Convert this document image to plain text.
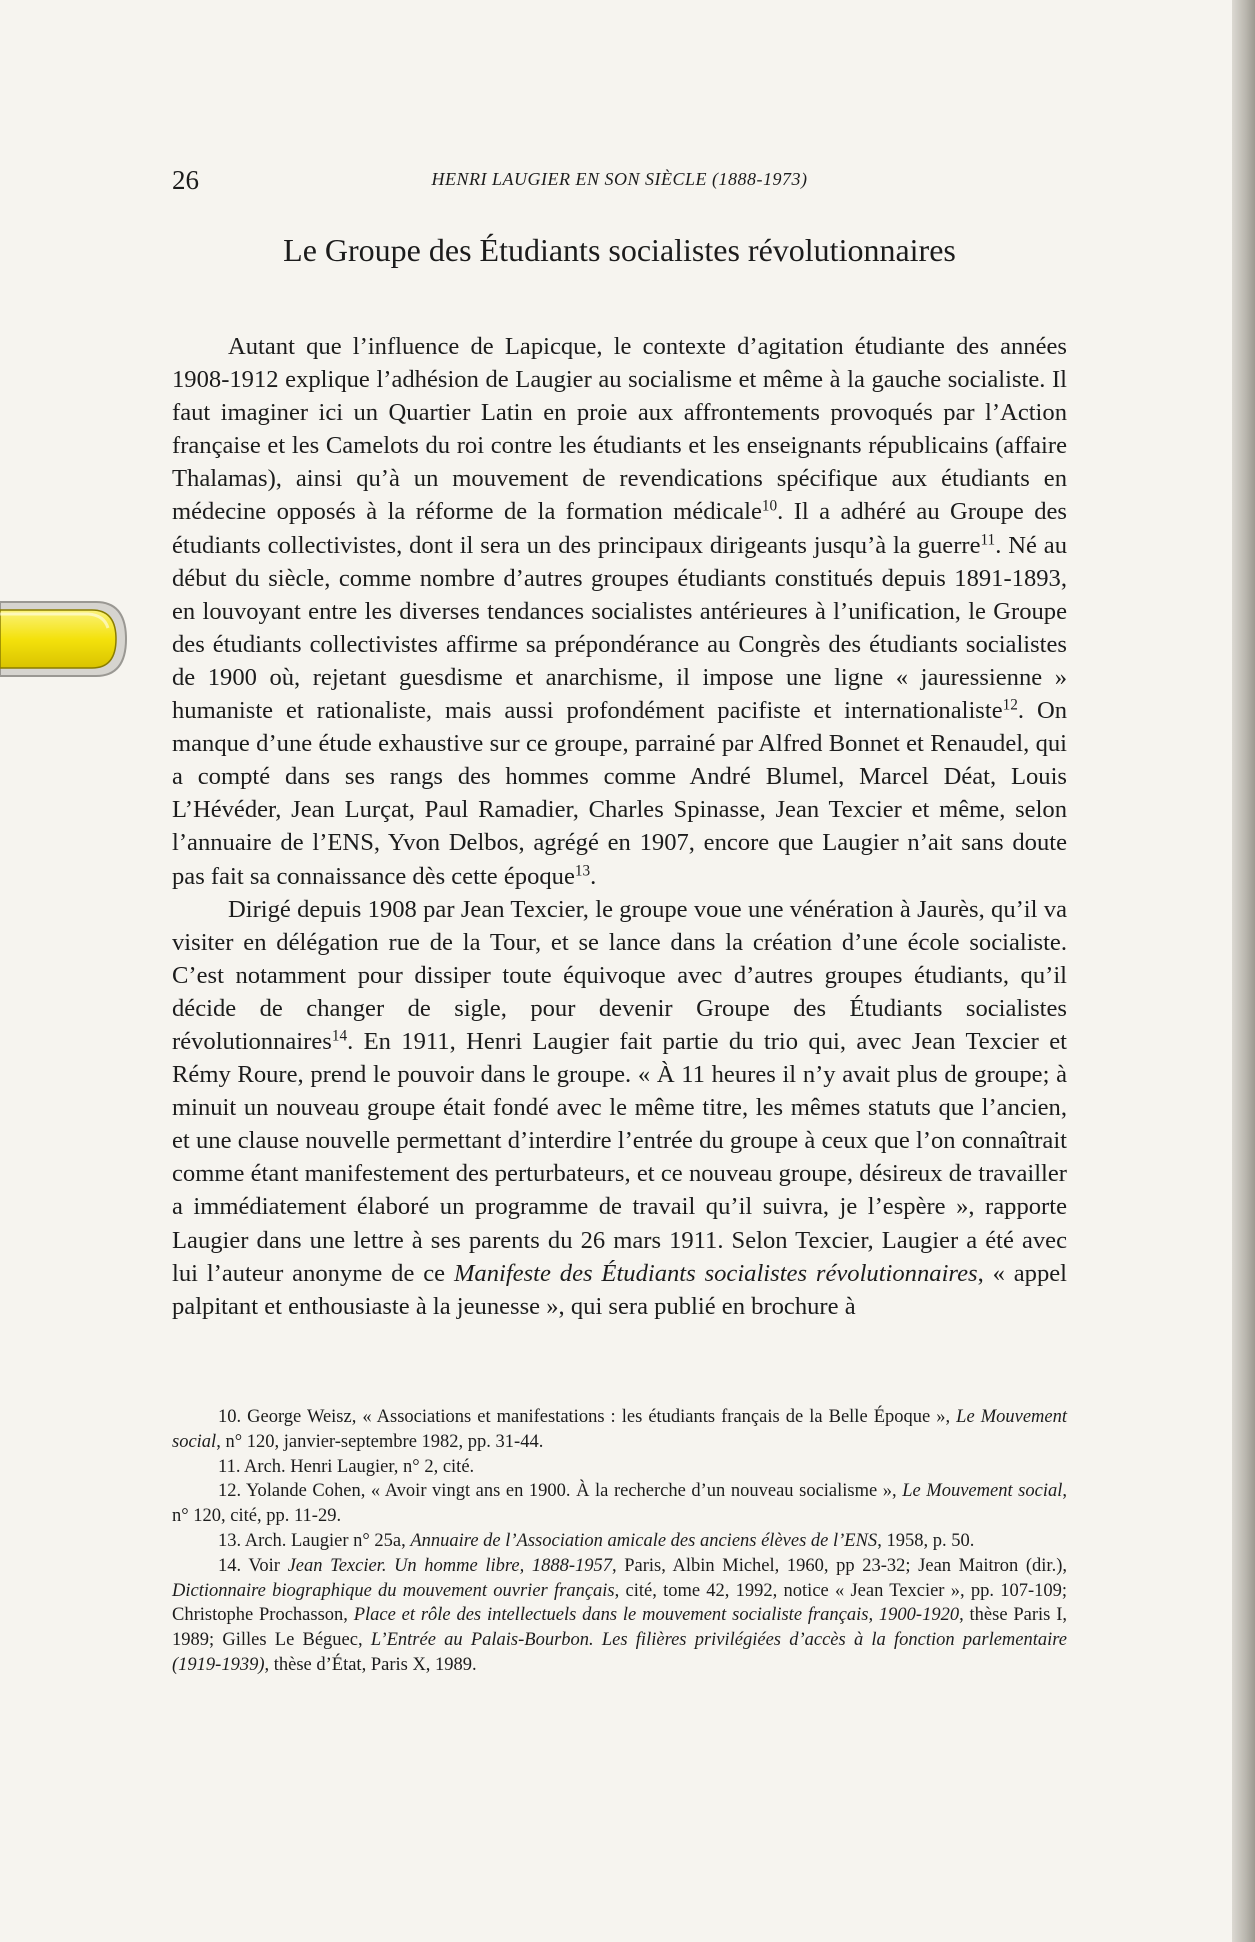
26	HENRI LAUGIER EN SON SIÈCLE (1888-1973)
Le Groupe des Étudiants socialistes révolutionnaires

Autant que l’influence de Lapicque, le contexte d’agitation étudiante des années 1908-1912 explique l’adhésion de Laugier au socialisme et même à la gauche socialiste. Il faut imaginer ici un Quartier Latin en proie aux affrontements provoqués par l’Action française et les Camelots du roi contre les étudiants et les enseignants républicains (affaire Thalamas), ainsi qu’à un mouvement de revendications spécifique aux étudiants en médecine opposés à la réforme de la formation médicale$^{10}$. Il a adhéré au Groupe des étudiants collectivistes, dont il sera un des principaux dirigeants jusqu’à la guerre$^{11}$. Né au début du siècle, comme nombre d’autres groupes étudiants constitués depuis 1891-1893, en louvoyant entre les diverses tendances socialistes antérieures à l’unification, le Groupe des étudiants collectivistes affirme sa prépondérance au Congrès des étudiants socialistes de 1900 où, rejetant guesdisme et anarchisme, il impose une ligne « jauressienne » humaniste et rationaliste, mais aussi profondément pacifiste et internationaliste$^{12}$. On manque d’une étude exhaustive sur ce groupe, parrainé par Alfred Bonnet et Renaudel, qui a compté dans ses rangs des hommes comme André Blumel, Marcel Déat, Louis L’Hévéder, Jean Lurçat, Paul Ramadier, Charles Spinasse, Jean Texcier et même, selon l’annuaire de l’ENS, Yvon Delbos, agrégé en 1907, encore que Laugier n’ait sans doute pas fait sa connaissance dès cette époque$^{13}$.

Dirigé depuis 1908 par Jean Texcier, le groupe voue une vénération à Jaurès, qu’il va visiter en délégation rue de la Tour, et se lance dans la création d’une école socialiste. C’est notamment pour dissiper toute équivoque avec d’autres groupes étudiants, qu’il décide de changer de sigle, pour devenir Groupe des Étudiants socialistes révolutionnaires$^{14}$. En 1911, Henri Laugier fait partie du trio qui, avec Jean Texcier et Rémy Roure, prend le pouvoir dans le groupe. « À 11 heures il n’y avait plus de groupe; à minuit un nouveau groupe était fondé avec le même titre, les mêmes statuts que l’ancien, et une clause nouvelle permettant d’interdire l’entrée du groupe à ceux que l’on connaîtrait comme étant manifestement des perturbateurs, et ce nouveau groupe, désireux de travailler a immédiatement élaboré un programme de travail qu’il suivra, je l’espère », rapporte Laugier dans une lettre à ses parents du 26 mars 1911. Selon Texcier, Laugier a été avec lui l’auteur anonyme de ce Manifeste des Étudiants socialistes révolutionnaires, « appel palpitant et enthousiaste à la jeunesse », qui sera publié en brochure à

10. George Weisz, « Associations et manifestations : les étudiants français de la Belle Époque », Le Mouvement social, n° 120, janvier-septembre 1982, pp. 31-44.

11. Arch. Henri Laugier, n° 2, cité.

12. Yolande Cohen, « Avoir vingt ans en 1900. À la recherche d’un nouveau socialisme », Le Mouvement social, n° 120, cité, pp. 11-29.

13. Arch. Laugier n° 25a, Annuaire de l’Association amicale des anciens élèves de l’ENS, 1958, p. 50.

14. Voir Jean Texcier. Un homme libre, 1888-1957, Paris, Albin Michel, 1960, pp 23-32; Jean Maitron (dir.), Dictionnaire biographique du mouvement ouvrier français, cité, tome 42, 1992, notice « Jean Texcier », pp. 107-109; Christophe Prochasson, Place et rôle des intellectuels dans le mouvement socialiste français, 1900-1920, thèse Paris I, 1989; Gilles Le Béguec, L’Entrée au Palais-Bourbon. Les filières privilégiées d’accès à la fonction parlementaire (1919-1939), thèse d’État, Paris X, 1989.
